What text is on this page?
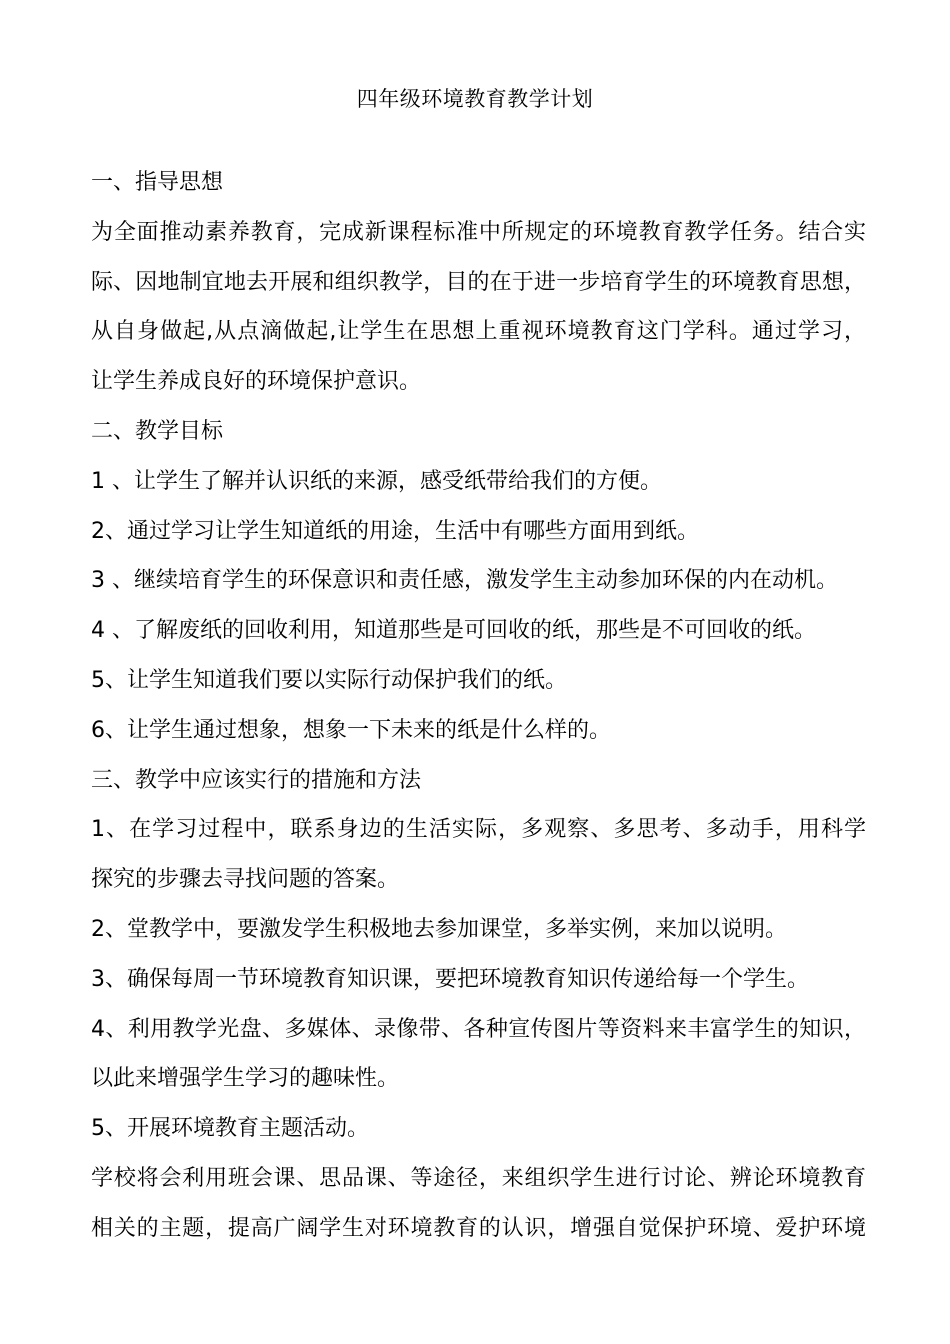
四年级环境教育教学计划
一、指导思想
为全面推动素养教育，完成新课程标准中所规定的环境教育教学任务。结合实
际、因地制宜地去开展和组织教学，目的在于进一步培育学生的环境教育思想，
从自身做起,从点滴做起,让学生在思想上重视环境教育这门学科。通过学习，
让学生养成良好的环境保护意识。
二、教学目标
1 、让学生了解并认识纸的来源，感受纸带给我们的方便。
2、通过学习让学生知道纸的用途，生活中有哪些方面用到纸。
3 、继续培育学生的环保意识和责任感，激发学生主动参加环保的内在动机。
4 、了解废纸的回收利用，知道那些是可回收的纸，那些是不可回收的纸。
5、让学生知道我们要以实际行动保护我们的纸。
6、让学生通过想象，想象一下未来的纸是什么样的。
三、教学中应该实行的措施和方法
1、在学习过程中，联系身边的生活实际，多观察、多思考、多动手，用科学
探究的步骤去寻找问题的答案。
2、堂教学中，要激发学生积极地去参加课堂，多举实例，来加以说明。
3、确保每周一节环境教育知识课，要把环境教育知识传递给每一个学生。
4、利用教学光盘、多媒体、录像带、各种宣传图片等资料来丰富学生的知识，
以此来增强学生学习的趣味性。
5、开展环境教育主题活动。
学校将会利用班会课、思品课、等途径，来组织学生进行讨论、辨论环境教育
相关的主题，提高广阔学生对环境教育的认识，增强自觉保护环境、爱护环境
